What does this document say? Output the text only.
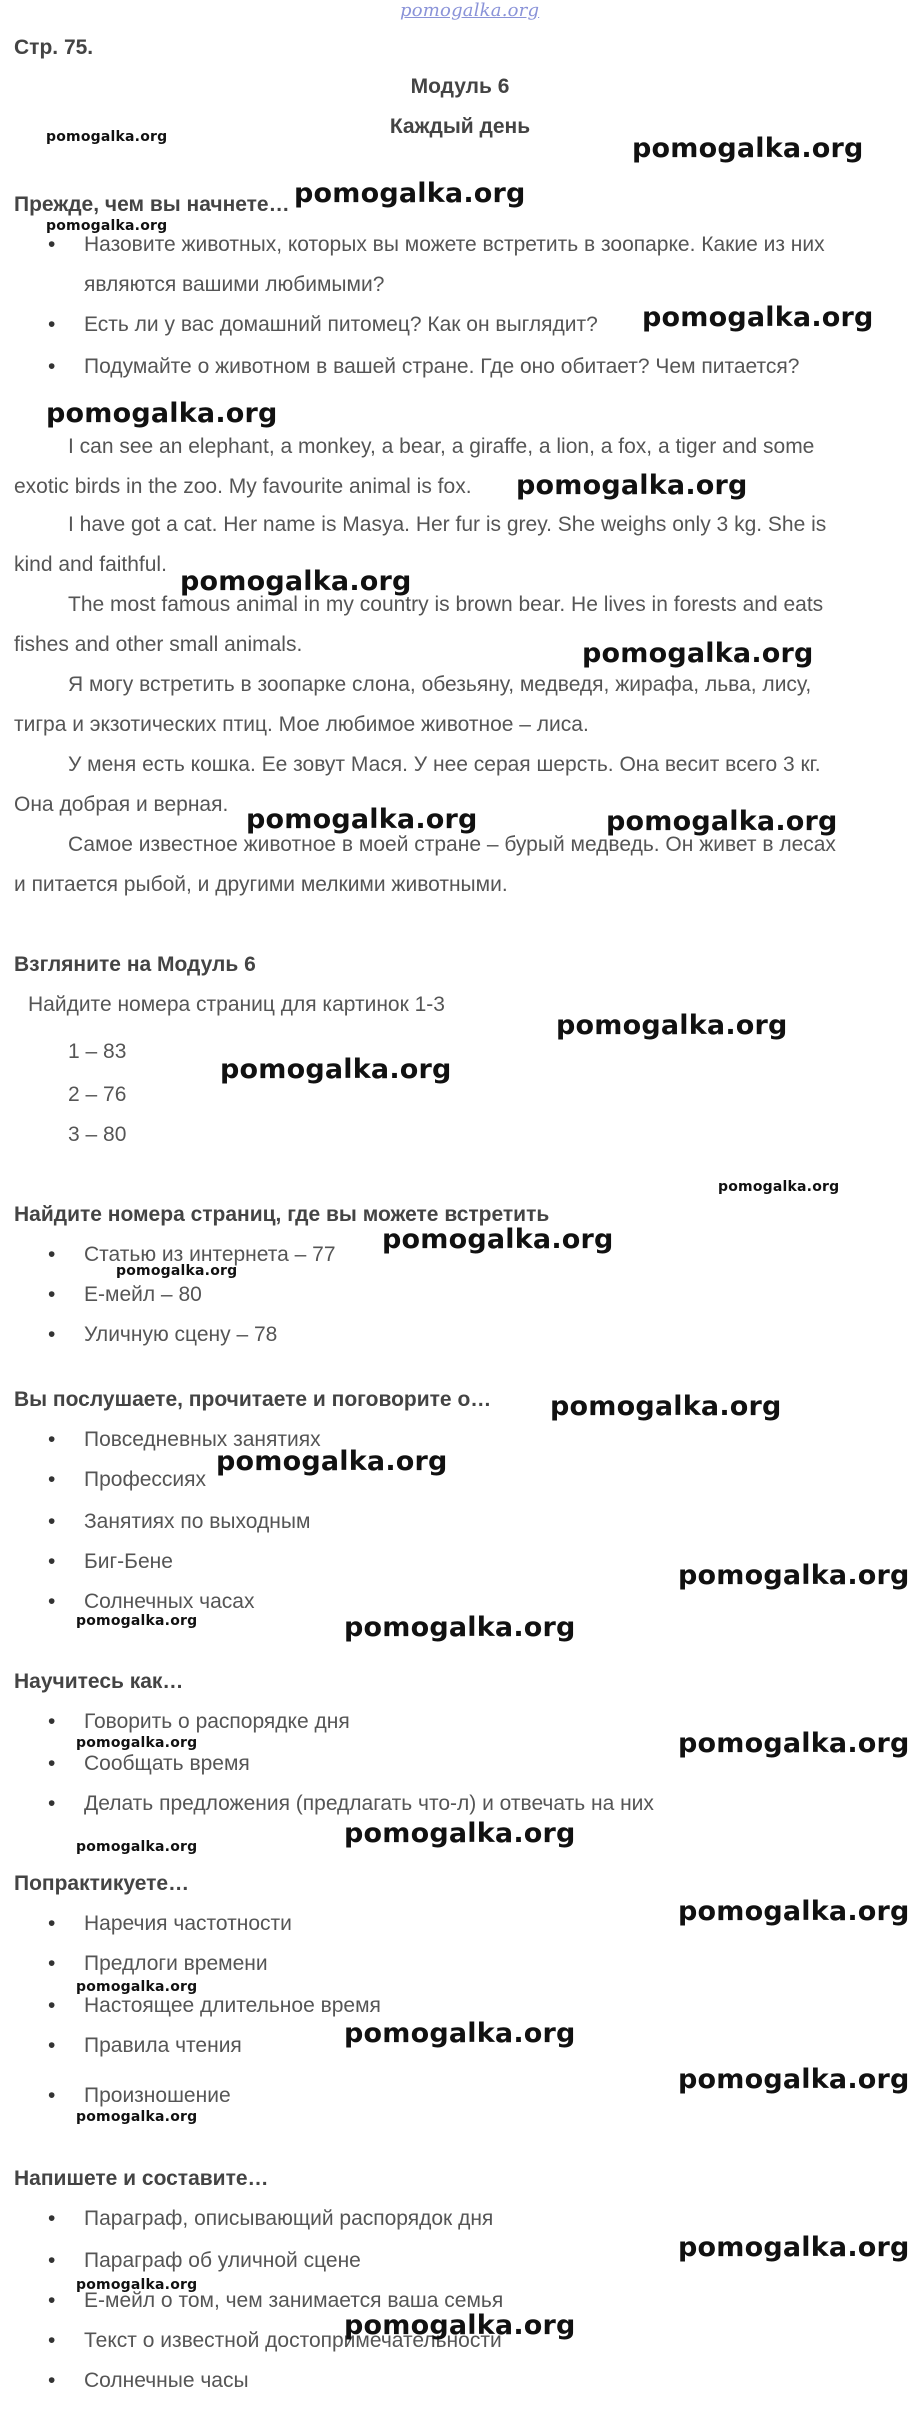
pomogalka.org
Стр. 75.
Модуль 6
Каждый день
Прежде, чем вы начнете…
• Назовите животных, которых вы можете встретить в зоопарке. Какие из них
являются вашими любимыми?
• Есть ли у вас домашний питомец? Как он выглядит?
• Подумайте о животном в вашей стране. Где оно обитает? Чем питается?
I can see an elephant, a monkey, a bear, a giraffe, a lion, a fox, a tiger and some
exotic birds in the zoo. My favourite animal is fox.
I have got a cat. Her name is Masya. Her fur is grey. She weighs only 3 kg. She is
kind and faithful.
The most famous animal in my country is brown bear. He lives in forests and eats
fishes and other small animals.
Я могу встретить в зоопарке слона, обезьяну, медведя, жирафа, льва, лису,
тигра и экзотических птиц. Мое любимое животное – лиса.
У меня есть кошка. Ее зовут Мася. У нее серая шерсть. Она весит всего 3 кг.
Она добрая и верная.
Самое известное животное в моей стране – бурый медведь. Он живет в лесах
и питается рыбой, и другими мелкими животными.
Взгляните на Модуль 6
Найдите номера страниц для картинок 1-3
1 – 83
2 – 76
3 – 80
Найдите номера страниц, где вы можете встретить
• Статью из интернета – 77
• Е-мейл – 80
• Уличную сцену – 78
Вы послушаете, прочитаете и поговорите о…
• Повседневных занятиях
• Профессиях
• Занятиях по выходным
• Биг-Бене
• Солнечных часах
Научитесь как…
• Говорить о распорядке дня
• Сообщать время
• Делать предложения (предлагать что-л) и отвечать на них
Попрактикуете…
• Наречия частотности
• Предлоги времени
• Настоящее длительное время
• Правила чтения
• Произношение
Напишете и составите…
• Параграф, описывающий распорядок дня
• Параграф об уличной сцене
• Е-мейл о том, чем занимается ваша семья
• Текст о известной достопримечательности
• Солнечные часы
pomogalka.org	pomogalka.org
pomogalka.org
pomogalka.org
pomogalka.org
pomogalka.org
pomogalka.org
pomogalka.org
pomogalka.org
pomogalka.org	pomogalka.org
pomogalka.org
pomogalka.org
pomogalka.org
pomogalka.org
pomogalka.org
pomogalka.org
pomogalka.org
pomogalka.org
pomogalka.org	pomogalka.org
pomogalka.org	pomogalka.org
pomogalka.org
pomogalka.org
pomogalka.org
pomogalka.org
pomogalka.org
pomogalka.org
pomogalka.org
pomogalka.org
pomogalka.org
pomogalka.org
